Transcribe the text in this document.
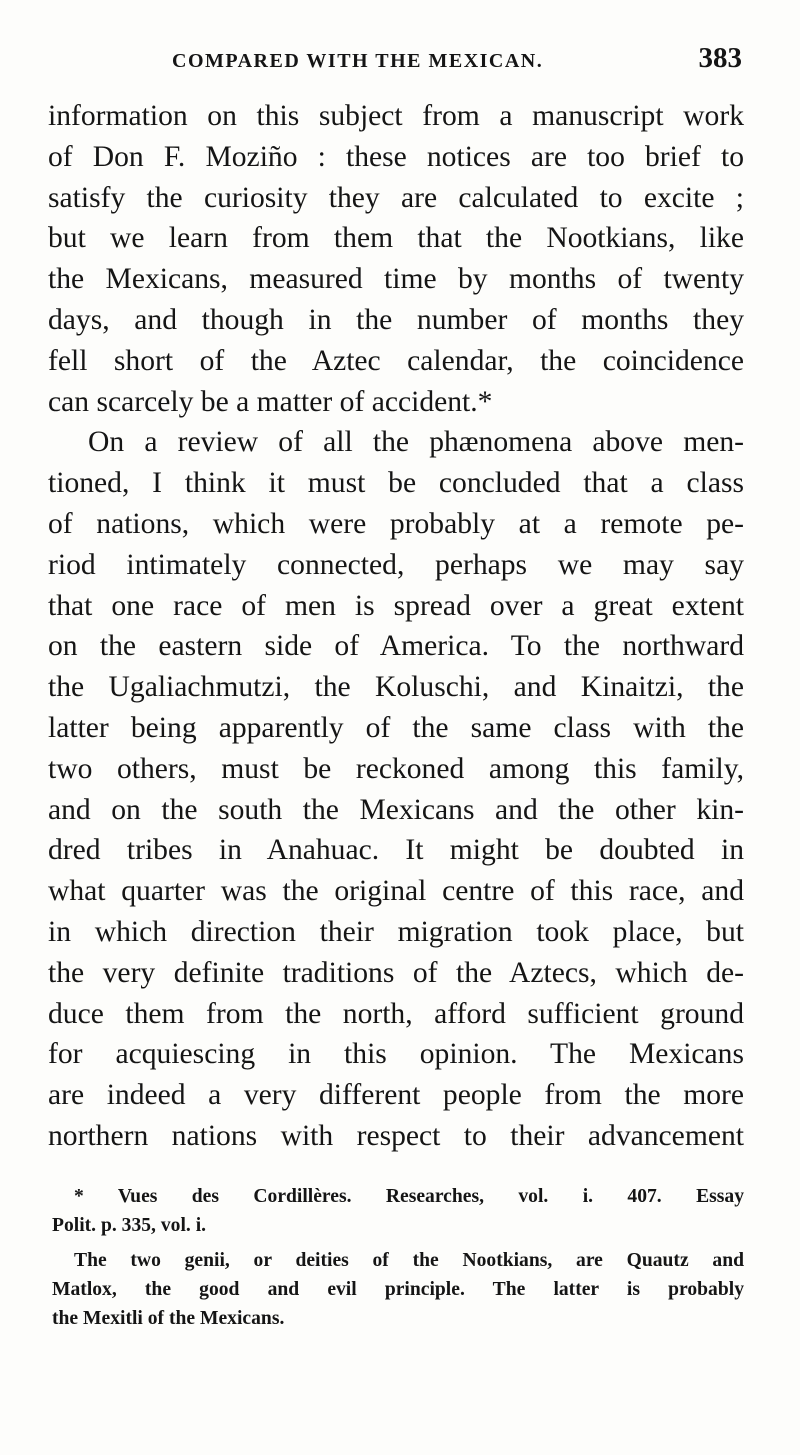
COMPARED WITH THE MEXICAN.	383
information on this subject from a manuscript work
of Don F. Moziño : these notices are too brief to
satisfy the curiosity they are calculated to excite ;
but we learn from them that the Nootkians, like
the Mexicans, measured time by months of twenty
days, and though in the number of months they
fell short of the Aztec calendar, the coincidence
can scarcely be a matter of accident.*
On a review of all the phænomena above men-
tioned, I think it must be concluded that a class
of nations, which were probably at a remote pe-
riod intimately connected, perhaps we may say
that one race of men is spread over a great extent
on the eastern side of America. To the northward
the Ugaliachmutzi, the Koluschi, and Kinaitzi, the
latter being apparently of the same class with the
two others, must be reckoned among this family,
and on the south the Mexicans and the other kin-
dred tribes in Anahuac. It might be doubted in
what quarter was the original centre of this race, and
in which direction their migration took place, but
the very definite traditions of the Aztecs, which de-
duce them from the north, afford sufficient ground
for acquiescing in this opinion. The Mexicans
are indeed a very different people from the more
northern nations with respect to their advancement
* Vues des Cordillères. Researches, vol. i. 407. Essay
Polit. p. 335, vol. i.
The two genii, or deities of the Nootkians, are Quautz and
Matlox, the good and evil principle. The latter is probably
the Mexitli of the Mexicans.
